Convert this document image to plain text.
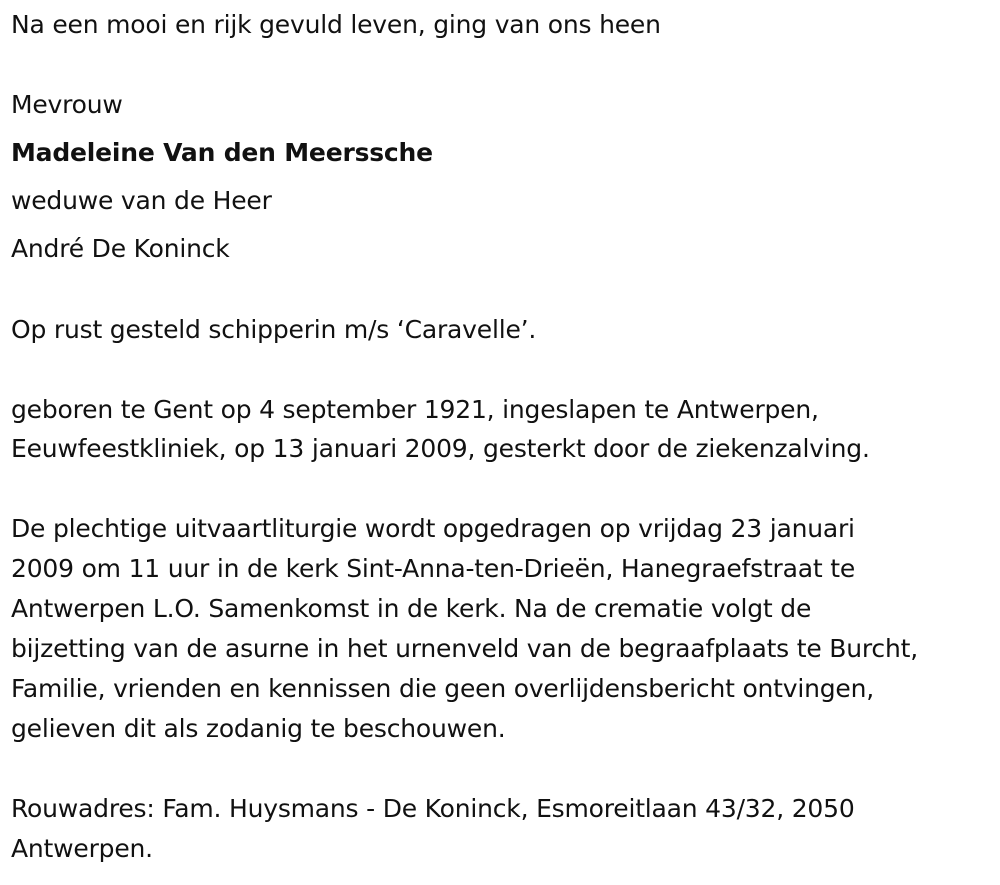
Na een mooi en rijk gevuld leven, ging van ons heen

Mevrouw

Madeleine Van den Meerssche

weduwe van de Heer

André De Koninck

Op rust gesteld schipperin m/s ‘Caravelle’.

geboren te Gent op 4 september 1921, ingeslapen te Antwerpen,

Eeuwfeestkliniek, op 13 januari 2009, gesterkt door de ziekenzalving.

De plechtige uitvaartliturgie wordt opgedragen op vrijdag 23 januari

2009 om 11 uur in de kerk Sint-Anna-ten-Drieën, Hanegraefstraat te

Antwerpen L.O. Samenkomst in de kerk. Na de crematie volgt de

bijzetting van de asurne in het urnenveld van de begraafplaats te Burcht,

Familie, vrienden en kennissen die geen overlijdensbericht ontvingen,

gelieven dit als zodanig te beschouwen.

Rouwadres: Fam. Huysmans - De Koninck, Esmoreitlaan 43/32, 2050

Antwerpen.
